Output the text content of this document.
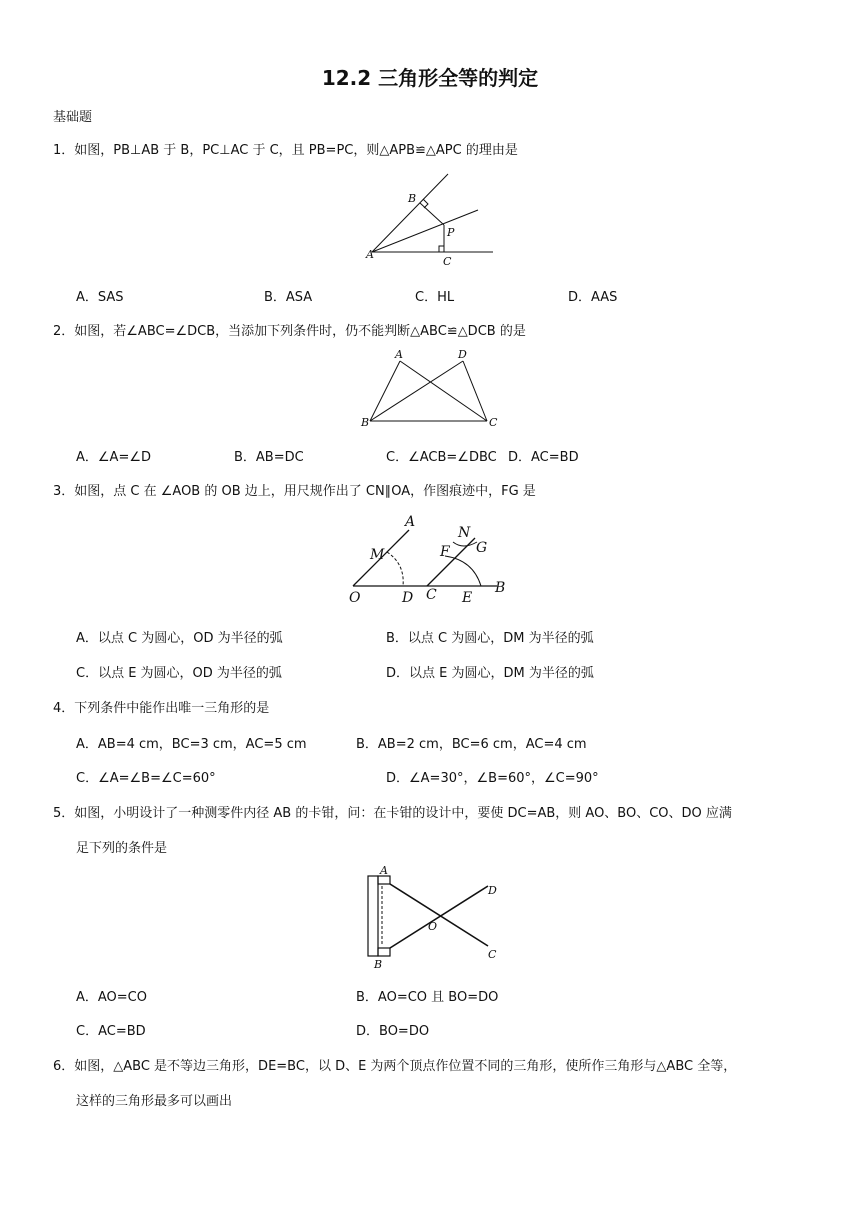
12.2 三角形全等的判定
基础题
1．如图，PB⊥AB 于 B，PC⊥AC 于 C，且 PB=PC，则△APB≌△APC 的理由是
A
B
P
C
A．SAS	B．ASA	C．HL	D．AAS
2．如图，若∠ABC=∠DCB，当添加下列条件时，仍不能判断△ABC≌△DCB 的是
A	D
B	C
A．∠A=∠D	B．AB=DC	C．∠ACB=∠DBC D．AC=BD
3．如图，点 C 在 ∠AOB 的 OB 边上，用尺规作出了 CN∥OA，作图痕迹中，FG 是
A
M
O	D C
F
N
G
E
B
A．以点 C 为圆心，OD 为半径的弧	B．以点 C 为圆心，DM 为半径的弧
C．以点 E 为圆心，OD 为半径的弧	D．以点 E 为圆心，DM 为半径的弧
4．下列条件中能作出唯一三角形的是
A．AB=4 cm，BC=3 cm，AC=5 cm	B．AB=2 cm，BC=6 cm，AC=4 cm
C．∠A=∠B=∠C=60°	D．∠A=30°，∠B=60°，∠C=90°
5．如图，小明设计了一种测零件内径 AB 的卡钳，问：在卡钳的设计中，要使 DC=AB，则 AO、BO、CO、DO 应满
足下列的条件是
A
B
O
D
C
A．AO=CO	B．AO=CO 且 BO=DO
C．AC=BD	D．BO=DO
6．如图，△ABC 是不等边三角形，DE=BC，以 D、E 为两个顶点作位置不同的三角形，使所作三角形与△ABC 全等，
这样的三角形最多可以画出
